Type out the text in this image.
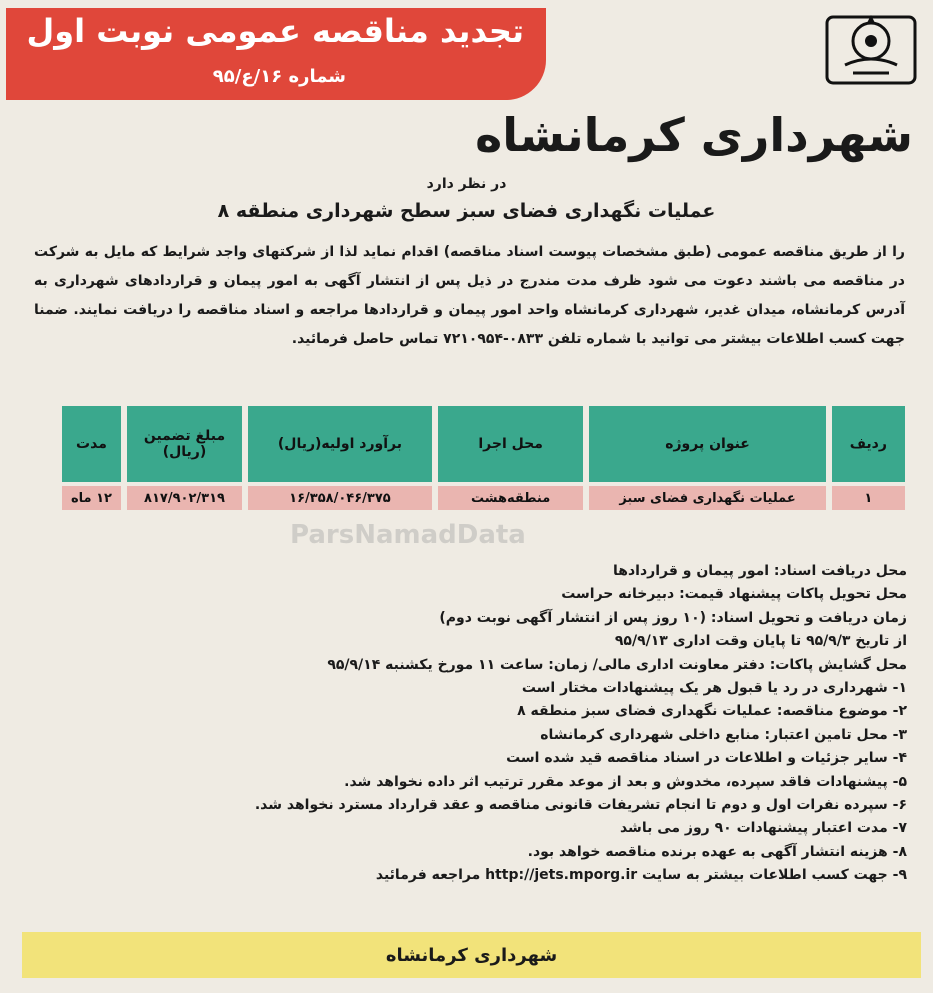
تجدید مناقصه عمومی نوبت اول
شماره ۱۶/ع/۹۵
شهرداری کرمانشاه
در نظر دارد
عملیات نگهداری فضای سبز سطح شهرداری منطقه ۸
را از طریق مناقصه عمومی (طبق مشخصات پیوست اسناد مناقصه) اقدام نماید لذا از شرکتهای واجد شرایط که مایل به شرکت در مناقصه می باشند دعوت می شود ظرف مدت مندرج در ذیل پس از انتشار آگهی به امور پیمان و قراردادهای شهرداری به آدرس کرمانشاه، میدان غدیر، شهرداری کرمانشاه واحد امور پیمان و قراردادها مراجعه و اسناد مناقصه را دریافت نمایند. ضمنا جهت کسب اطلاعات بیشتر می توانید با شماره تلفن ۰۸۳۳-۷۲۱۰۹۵۴ تماس حاصل فرمائید.
ردیف	عنوان پروژه	محل اجرا	برآورد اولیه(ریال)	مبلغ تضمین (ریال)	مدت
۱	عملیات نگهداری فضای سبز	منطقه‌هشت	۱۶/۳۵۸/۰۴۶/۳۷۵	۸۱۷/۹۰۲/۳۱۹	۱۲ ماه
ParsNamadData
محل دریافت اسناد: امور پیمان و قراردادها
محل تحویل پاکات پیشنهاد قیمت: دبیرخانه حراست
زمان دریافت و تحویل اسناد: (۱۰ روز پس از انتشار آگهی نوبت دوم)
از تاریخ ۹۵/۹/۳ تا پایان وقت اداری ۹۵/۹/۱۳
محل گشایش پاکات: دفتر معاونت اداری مالی/ زمان: ساعت ۱۱ مورخ یکشنبه ۹۵/۹/۱۴
۱- شهرداری در رد یا قبول هر یک پیشنهادات مختار است
۲- موضوع مناقصه: عملیات نگهداری فضای سبز منطقه ۸
۳- محل تامین اعتبار: منابع داخلی شهرداری کرمانشاه
۴- سایر جزئیات و اطلاعات در اسناد مناقصه قید شده است
۵- پیشنهادات فاقد سپرده، مخدوش و بعد از موعد مقرر ترتیب اثر داده نخواهد شد.
۶- سپرده نفرات اول و دوم تا انجام تشریفات قانونی مناقصه و عقد قرارداد مسترد نخواهد شد.
۷- مدت اعتبار پیشنهادات ۹۰ روز می باشد
۸- هزینه انتشار آگهی به عهده برنده مناقصه خواهد بود.
۹- جهت کسب اطلاعات بیشتر به سایت http://jets.mporg.ir مراجعه فرمائید
شهرداری کرمانشاه
